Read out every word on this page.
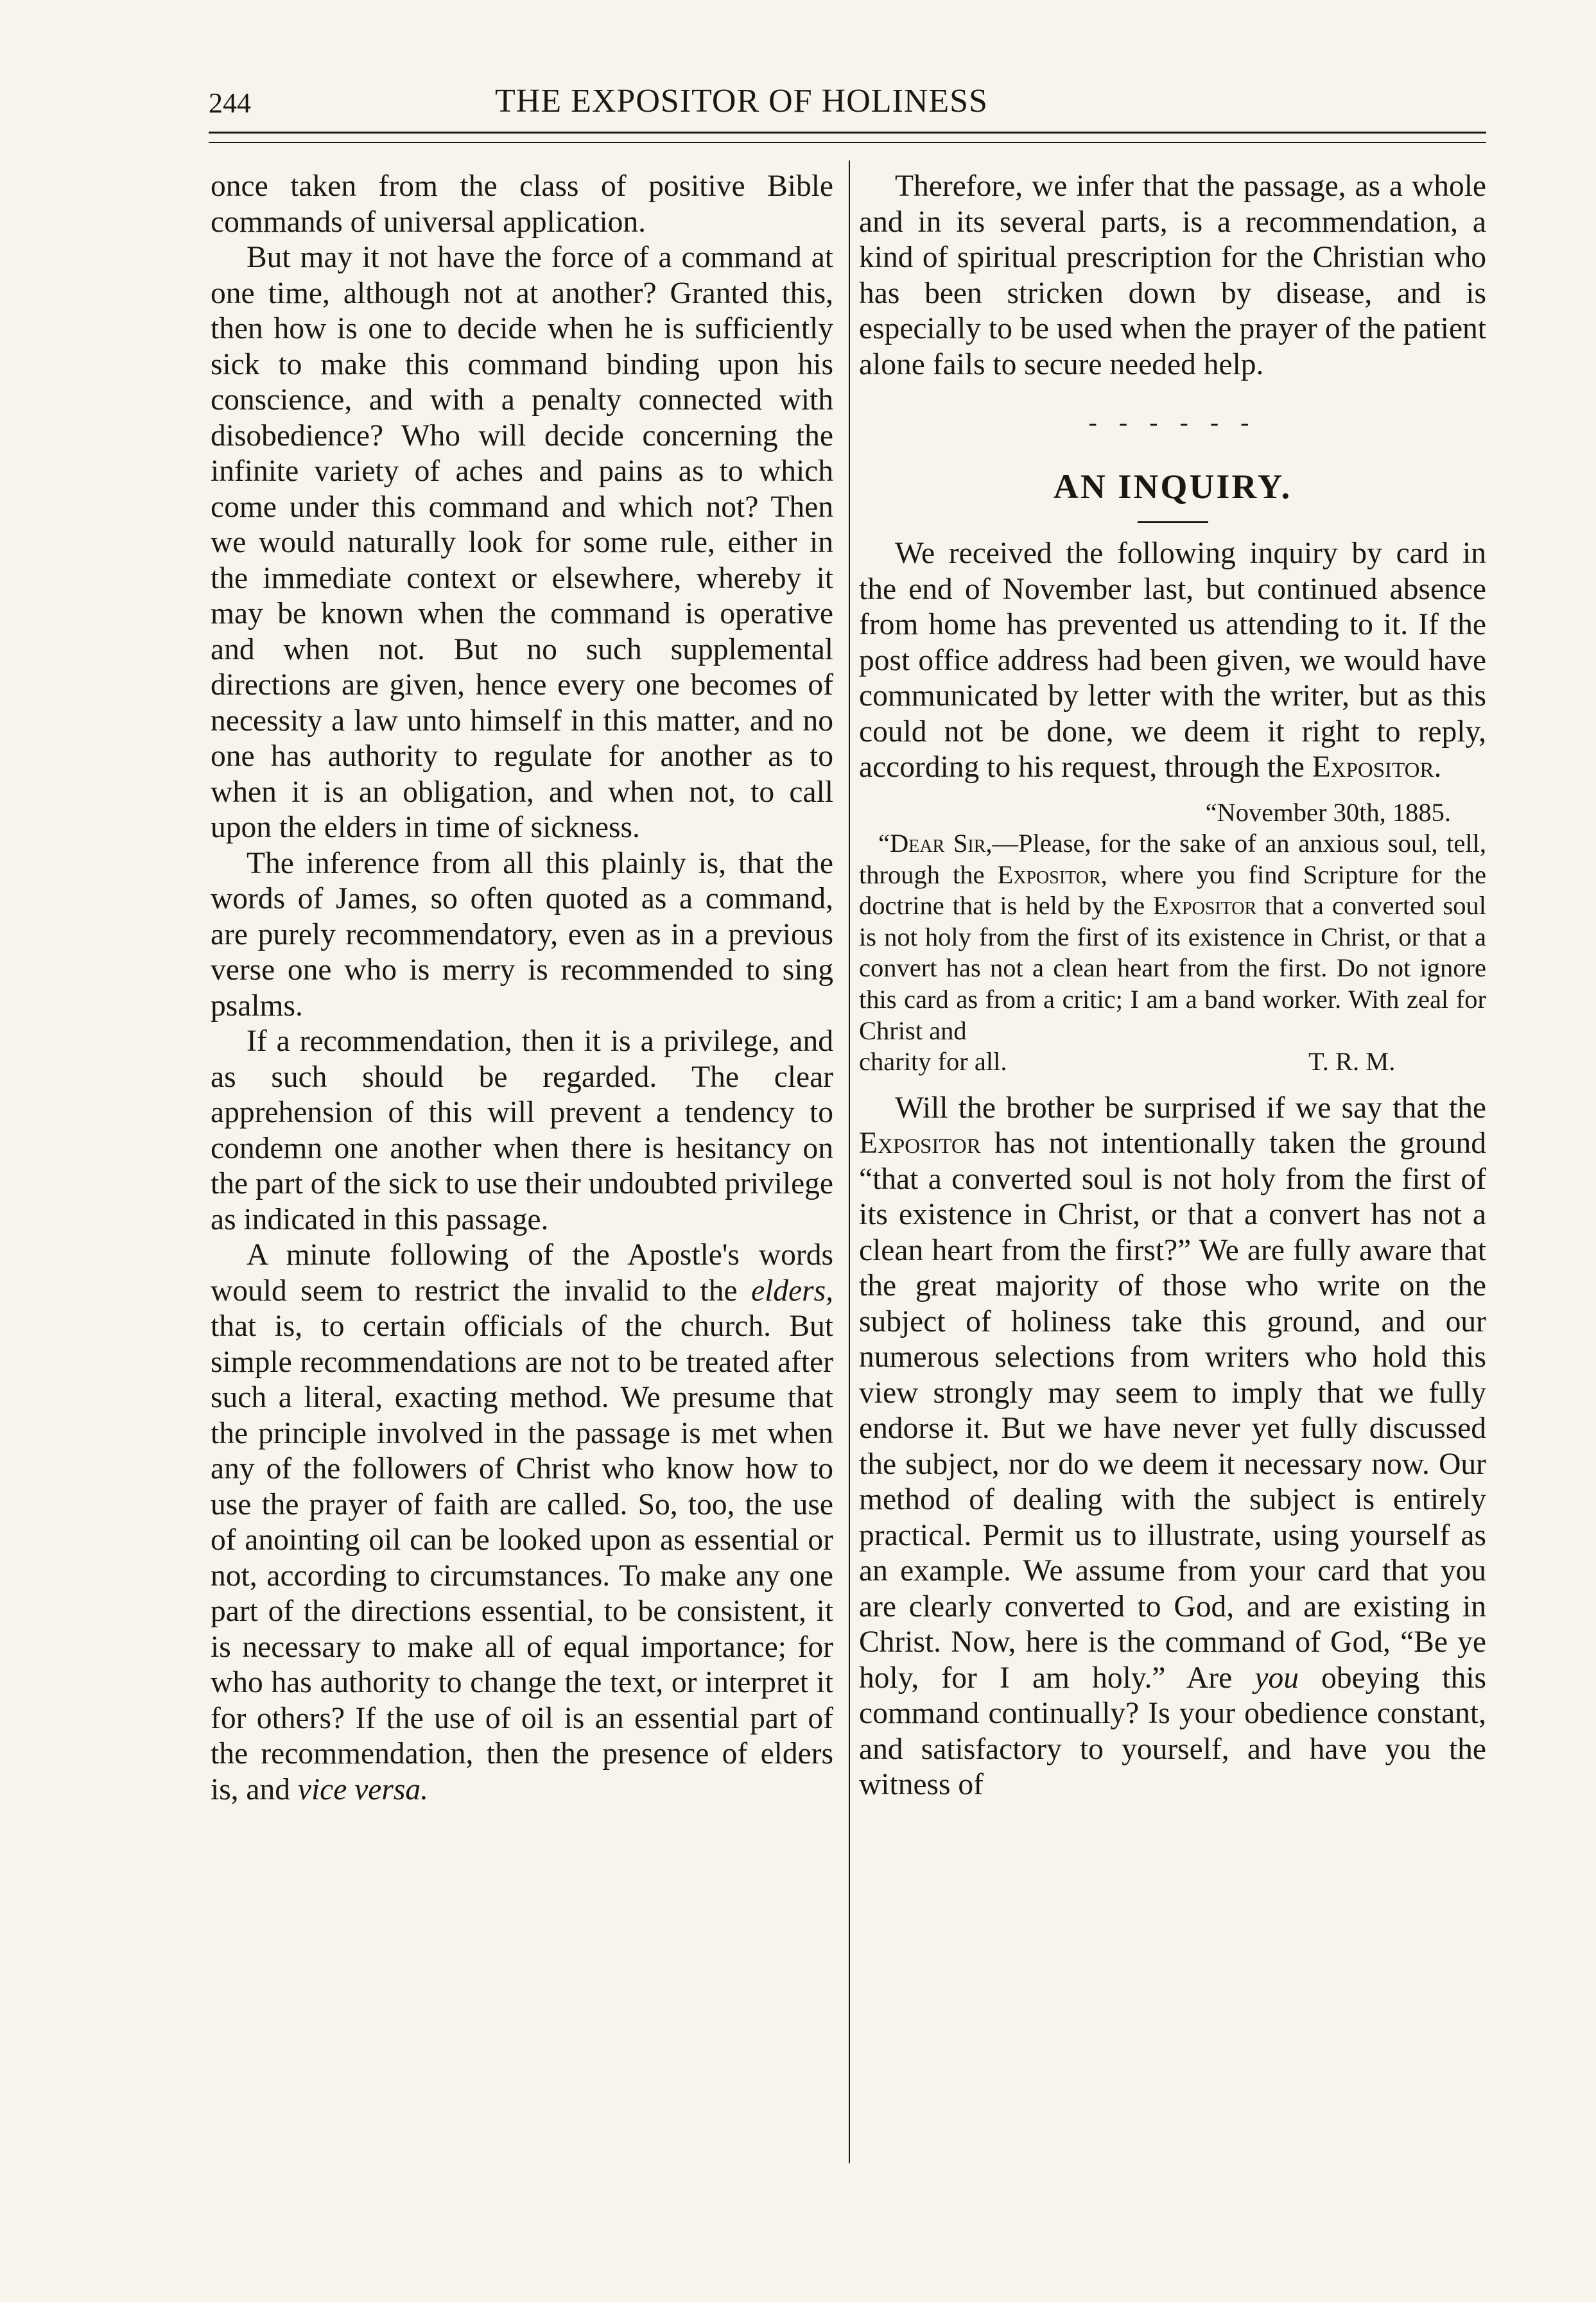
244	THE EXPOSITOR OF HOLINESS

once taken from the class of positive Bible commands of universal application.

But may it not have the force of a command at one time, although not at another? Granted this, then how is one to decide when he is sufficiently sick to make this command binding upon his conscience, and with a penalty connected with disobedience? Who will decide concerning the infinite variety of aches and pains as to which come under this command and which not? Then we would naturally look for some rule, either in the immediate context or elsewhere, whereby it may be known when the command is operative and when not. But no such supplemental directions are given, hence every one becomes of necessity a law unto himself in this matter, and no one has authority to regulate for another as to when it is an obligation, and when not, to call upon the elders in time of sickness.

The inference from all this plainly is, that the words of James, so often quoted as a command, are purely recommendatory, even as in a previous verse one who is merry is recommended to sing psalms.

If a recommendation, then it is a privilege, and as such should be regarded. The clear apprehension of this will prevent a tendency to condemn one another when there is hesitancy on the part of the sick to use their undoubted privilege as indicated in this passage.

A minute following of the Apostle's words would seem to restrict the invalid to the elders, that is, to certain officials of the church. But simple recommendations are not to be treated after such a literal, exacting method. We presume that the principle involved in the passage is met when any of the followers of Christ who know how to use the prayer of faith are called. So, too, the use of anointing oil can be looked upon as essential or not, according to circumstances. To make any one part of the directions essential, to be consistent, it is necessary to make all of equal importance; for who has authority to change the text, or interpret it for others? If the use of oil is an essential part of the recommendation, then the presence of elders is, and vice versa.

Therefore, we infer that the passage, as a whole and in its several parts, is a recommendation, a kind of spiritual prescription for the Christian who has been stricken down by disease, and is especially to be used when the prayer of the patient alone fails to secure needed help.

- - - - - -
AN INQUIRY.

We received the following inquiry by card in the end of November last, but continued absence from home has prevented us attending to it. If the post office address had been given, we would have communicated by letter with the writer, but as this could not be done, we deem it right to reply, according to his request, through the Expositor.

“November 30th, 1885.

“Dear Sir,—Please, for the sake of an anxious soul, tell, through the Expositor, where you find Scripture for the doctrine that is held by the Expositor that a converted soul is not holy from the first of its existence in Christ, or that a convert has not a clean heart from the first. Do not ignore this card as from a critic; I am a band worker. With zeal for Christ and

charity for all.	T. R. M.

Will the brother be surprised if we say that the Expositor has not intentionally taken the ground “that a converted soul is not holy from the first of its existence in Christ, or that a convert has not a clean heart from the first?” We are fully aware that the great majority of those who write on the subject of holiness take this ground, and our numerous selections from writers who hold this view strongly may seem to imply that we fully endorse it. But we have never yet fully discussed the subject, nor do we deem it necessary now. Our method of dealing with the subject is entirely practical. Permit us to illustrate, using yourself as an example. We assume from your card that you are clearly converted to God, and are existing in Christ. Now, here is the command of God, “Be ye holy, for I am holy.” Are you obeying this command continually? Is your obedience constant, and satisfactory to yourself, and have you the witness of
